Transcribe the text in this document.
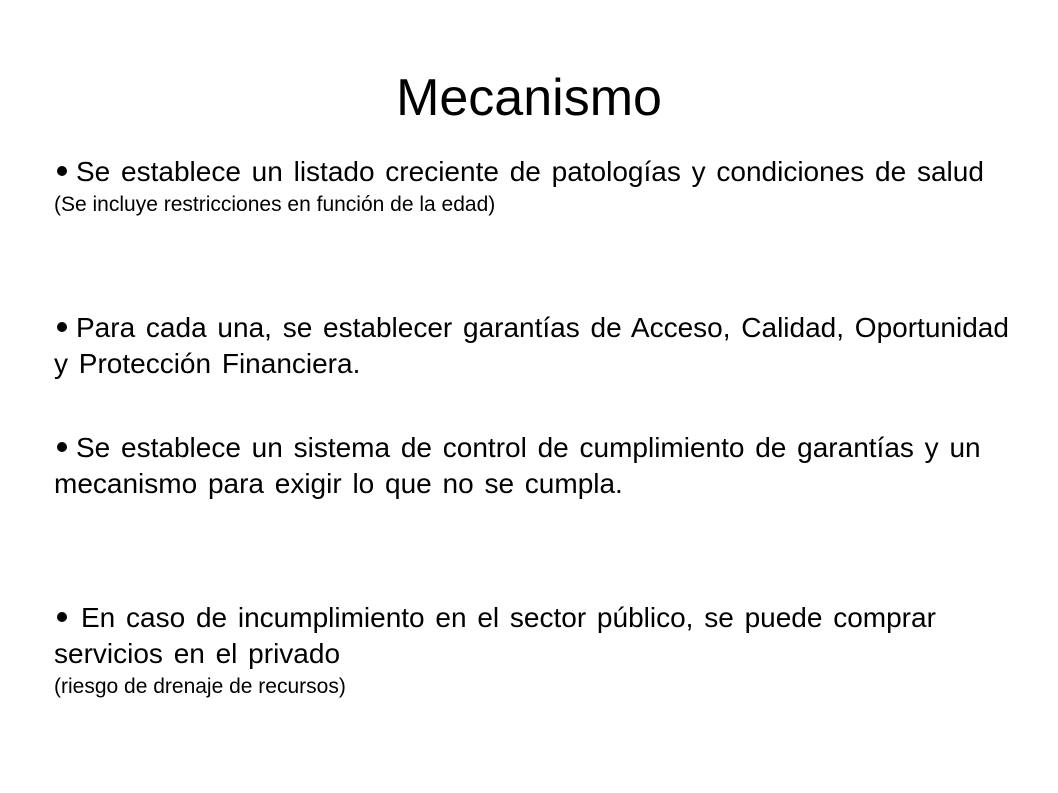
Mecanismo

Se establece un listado creciente de patologías y condiciones de salud

(Se incluye restricciones en función de la edad)

Para cada una, se establecer garantías de Acceso, Calidad, Oportunidad y Protección Financiera.

Se establece un sistema de control de cumplimiento de garantías y un mecanismo para exigir lo que no se cumpla.

En caso de incumplimiento en el sector público, se puede comprar servicios en el privado

(riesgo de drenaje de recursos)
